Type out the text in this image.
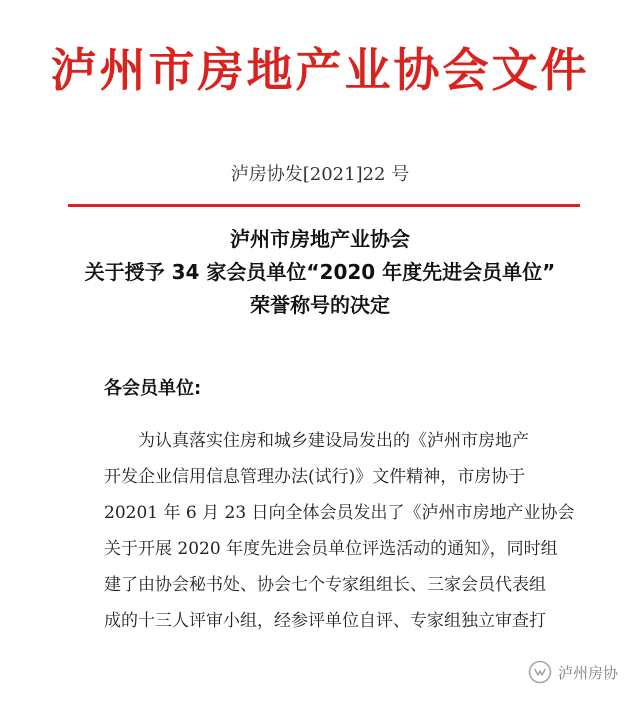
泸州市房地产业协会文件
泸房协发[2021]22 号
泸州市房地产业协会
关于授予 34 家会员单位“2020 年度先进会员单位”
荣誉称号的决定
各会员单位:
为认真落实住房和城乡建设局发出的《泸州市房地产
开发企业信用信息管理办法(试行)》文件精神，市房协于
20201 年 6 月 23 日向全体会员发出了《泸州市房地产业协会
关于开展 2020 年度先进会员单位评选活动的通知》，同时组
建了由协会秘书处、协会七个专家组组长、三家会员代表组
成的十三人评审小组，经参评单位自评、专家组独立审查打
泸州房协
